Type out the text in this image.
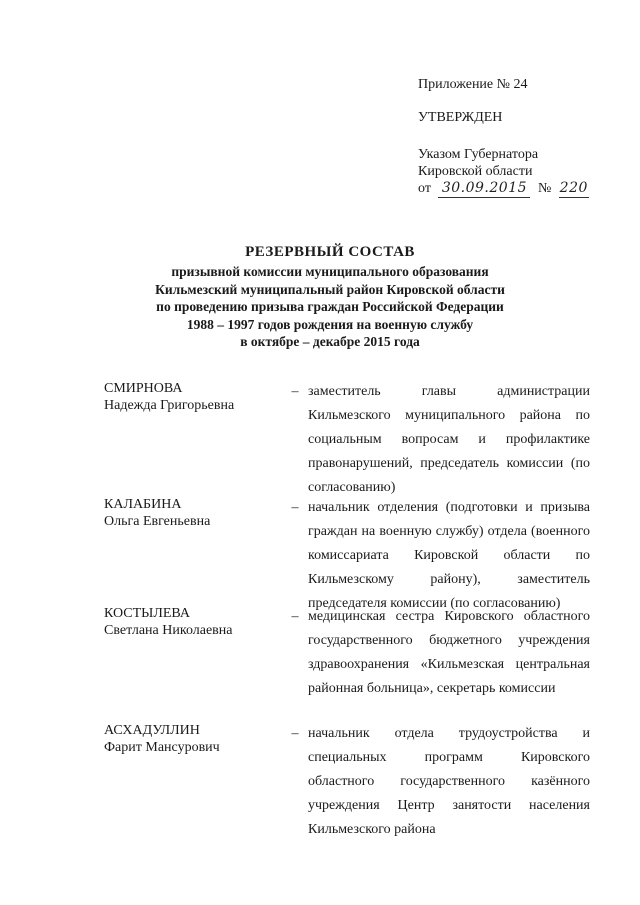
Приложение № 24
УТВЕРЖДЕН
Указом Губернатора
Кировской области
от 30.09.2015 № 220
РЕЗЕРВНЫЙ СОСТАВ
призывной комиссии муниципального образования
Кильмезский муниципальный район Кировской области
по проведению призыва граждан Российской Федерации
1988 – 1997 годов рождения на военную службу
в октябре – декабре 2015 года
СМИРНОВА
Надежда Григорьевна
– заместитель главы администрации Кильмезского муниципального района по социальным вопросам и профилактике правонарушений, председатель комиссии (по согласованию)
КАЛАБИНА
Ольга Евгеньевна
– начальник отделения (подготовки и призыва граждан на военную службу) отдела (военного комиссариата Кировской области по Кильмезскому району), заместитель председателя комиссии (по согласованию)
КОСТЫЛЕВА
Светлана Николаевна
– медицинская сестра Кировского областного государственного бюджетного учреждения здравоохранения «Кильмезская центральная районная больница», секретарь комиссии
АСХАДУЛЛИН
Фарит Мансурович
– начальник отдела трудоустройства и специальных программ Кировского областного государственного казённого учреждения Центр занятости населения Кильмезского района
